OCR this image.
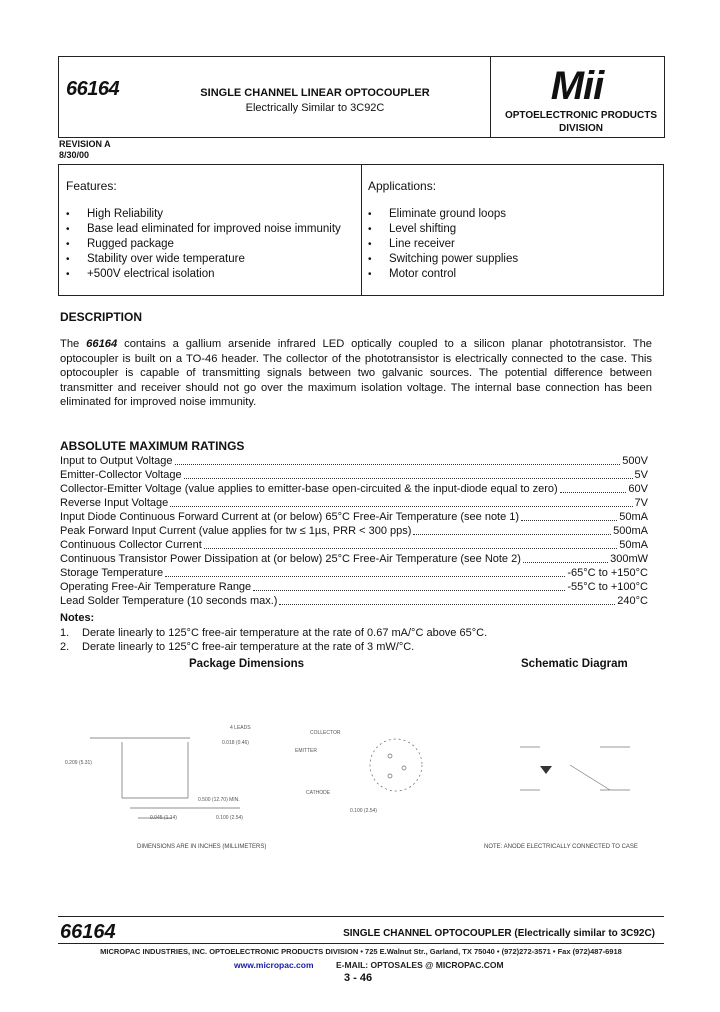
66164	SINGLE CHANNEL LINEAR OPTOCOUPLER
Electrically Similar to 3C92C	Mii
OPTOELECTRONIC PRODUCTS
DIVISION
REVISION A
8/30/00
Features:
• High Reliability
• Base lead eliminated for improved noise immunity
• Rugged package
• Stability over wide temperature
• +500V electrical isolation
Applications:
• Eliminate ground loops
• Level shifting
• Line receiver
• Switching power supplies
• Motor control
DESCRIPTION
The 66164 contains a gallium arsenide infrared LED optically coupled to a silicon planar phototransistor. The optocoupler is built on a TO-46 header. The collector of the phototransistor is electrically connected to the case. This optocoupler is capable of transmitting signals between two galvanic sources. The potential difference between transmitter and receiver should not go over the maximum isolation voltage. The internal base connection has been eliminated for improved noise immunity.
ABSOLUTE MAXIMUM RATINGS
Input to Output Voltage	500V
Emitter-Collector Voltage	5V
Collector-Emitter Voltage (value applies to emitter-base open-circuited & the input-diode equal to zero)	60V
Reverse Input Voltage	7V
Input Diode Continuous Forward Current at (or below) 65°C Free-Air Temperature (see note 1)	50mA
Peak Forward Input Current (value applies for tw ≤ 1µs, PRR < 300 pps)	500mA
Continuous Collector Current	50mA
Continuous Transistor Power Dissipation at (or below) 25°C Free-Air Temperature (see Note 2)	300mW
Storage Temperature	-65°C to +150°C
Operating Free-Air Temperature Range	-55°C to +100°C
Lead Solder Temperature (10 seconds max.)	240°C
Notes:
1. Derate linearly to 125°C free-air temperature at the rate of 0.67 mA/°C above 65°C.
2. Derate linearly to 125°C free-air temperature at the rate of 3 mW/°C.
Package Dimensions	Schematic Diagram
4 LEADS
0.018 (0.46)
0.209 (5.31)
0.500 (12.70) MIN.
0.100 (2.54)
0.045 (1.14)
COLLECTOR
EMITTER
CATHODE
0.100 (2.54)
DIMENSIONS ARE IN INCHES (MILLIMETERS)	NOTE: ANODE ELECTRICALLY CONNECTED TO CASE
66164	SINGLE CHANNEL OPTOCOUPLER (Electrically similar to 3C92C)
MICROPAC INDUSTRIES, INC. OPTOELECTRONIC PRODUCTS DIVISION • 725 E.Walnut Str., Garland, TX 75040 • (972)272-3571 • Fax (972)487-6918
www.micropac.com	E-MAIL: OPTOSALES @ MICROPAC.COM
3 - 46
